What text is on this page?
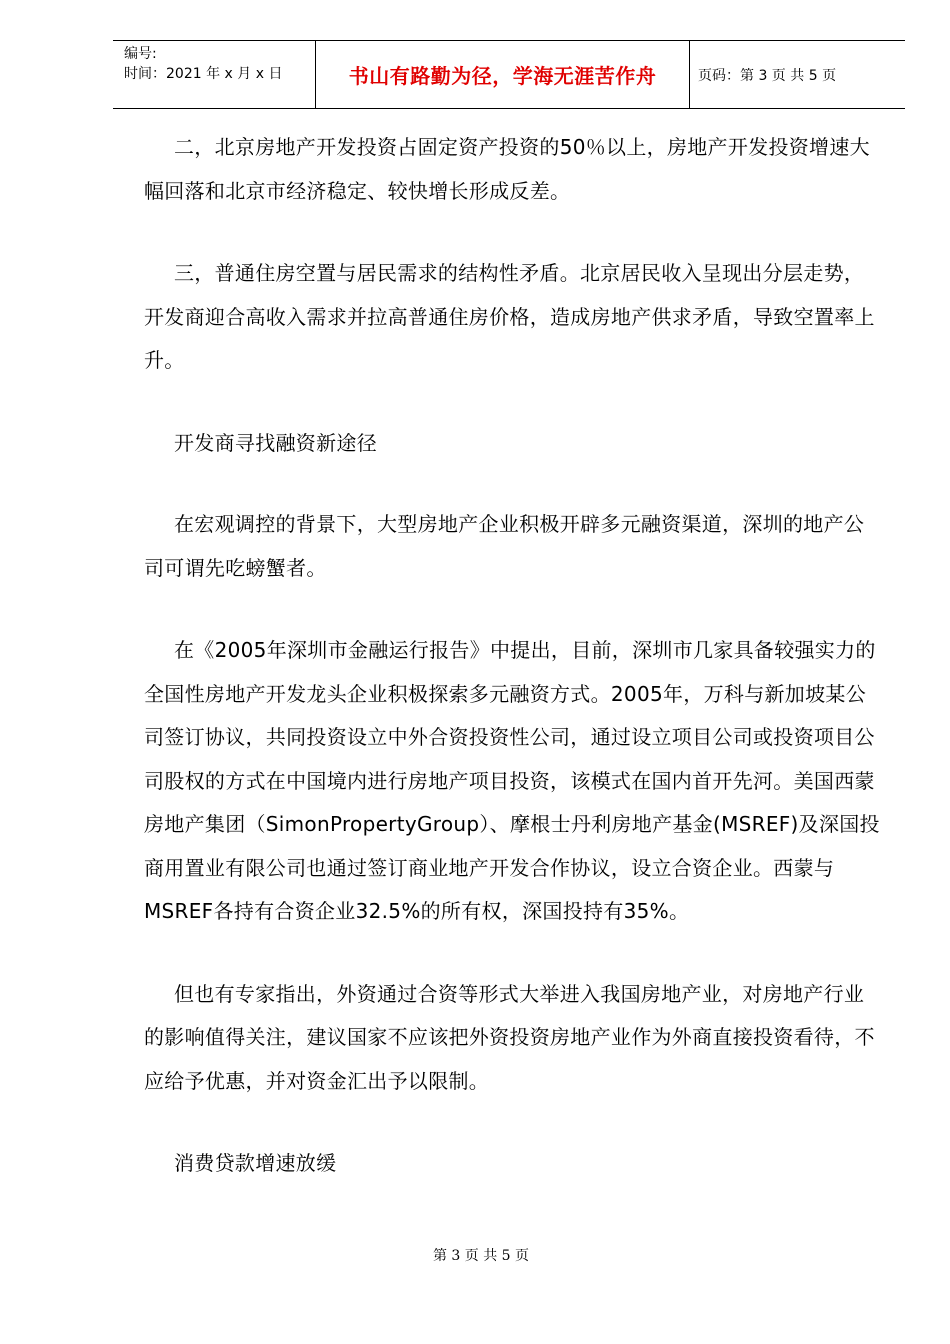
编号:
时间：2021 年 x 月 x 日	书山有路勤为径，学海无涯苦作舟	页码：第 3 页 共 5 页

二，北京房地产开发投资占固定资产投资的50％以上，房地产开发投资增速大幅回落和北京市经济稳定、较快增长形成反差。

三，普通住房空置与居民需求的结构性矛盾。北京居民收入呈现出分层走势，开发商迎合高收入需求并拉高普通住房价格，造成房地产供求矛盾，导致空置率上升。

开发商寻找融资新途径

在宏观调控的背景下，大型房地产企业积极开辟多元融资渠道，深圳的地产公司可谓先吃螃蟹者。

在《2005年深圳市金融运行报告》中提出，目前，深圳市几家具备较强实力的全国性房地产开发龙头企业积极探索多元融资方式。2005年，万科与新加坡某公司签订协议，共同投资设立中外合资投资性公司，通过设立项目公司或投资项目公司股权的方式在中国境内进行房地产项目投资，该模式在国内首开先河。美国西蒙房地产集团（SimonPropertyGroup）、摩根士丹利房地产基金(MSREF)及深国投商用置业有限公司也通过签订商业地产开发合作协议，设立合资企业。西蒙与MSREF各持有合资企业32.5%的所有权，深国投持有35%。

但也有专家指出，外资通过合资等形式大举进入我国房地产业，对房地产行业的影响值得关注，建议国家不应该把外资投资房地产业作为外商直接投资看待，不应给予优惠，并对资金汇出予以限制。

消费贷款增速放缓

第 3 页 共 5 页
